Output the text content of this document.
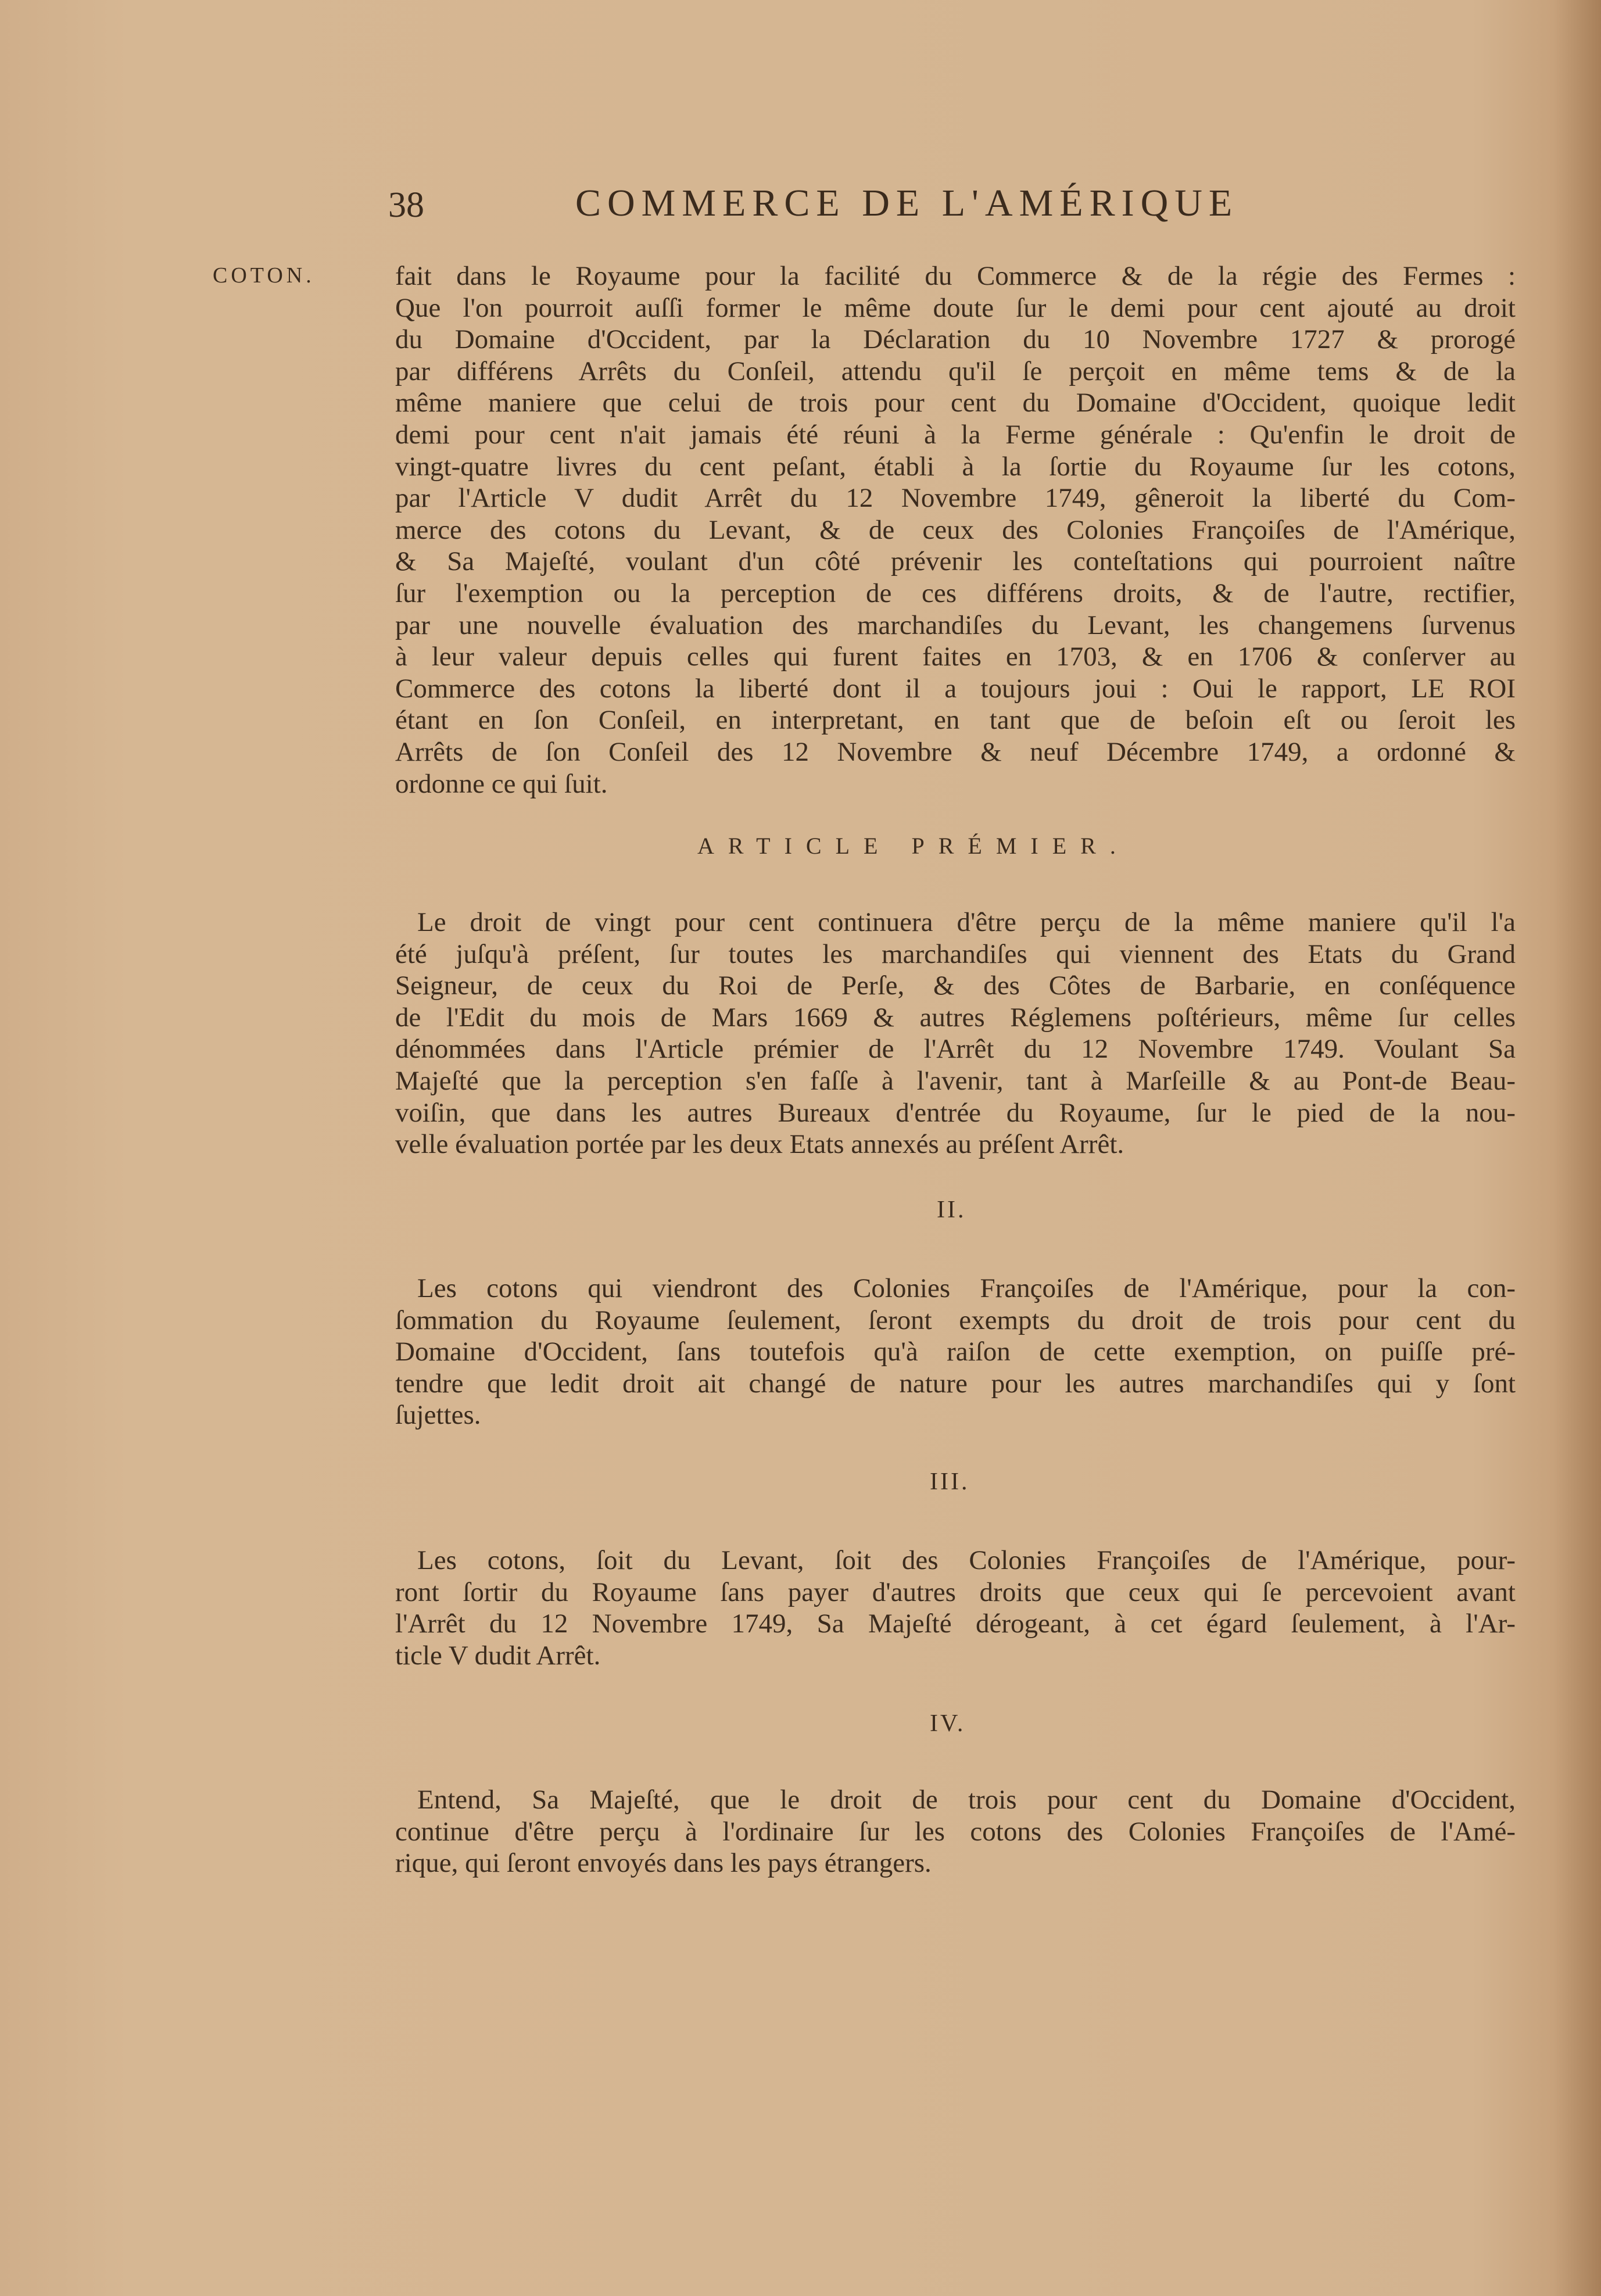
38	COMMERCE DE L'AMÉRIQUE
COTON.	fait dans le Royaume pour la facilité du Commerce & de la régie des Fermes :
Que l'on pourroit auſſi former le même doute ſur le demi pour cent ajouté au droit
du Domaine d'Occident, par la Déclaration du 10 Novembre 1727 & prorogé
par différens Arrêts du Conſeil, attendu qu'il ſe perçoit en même tems & de la
même maniere que celui de trois pour cent du Domaine d'Occident, quoique ledit
demi pour cent n'ait jamais été réuni à la Ferme générale : Qu'enfin le droit de
vingt-quatre livres du cent peſant, établi à la ſortie du Royaume ſur les cotons,
par l'Article V dudit Arrêt du 12 Novembre 1749, gêneroit la liberté du Com-
merce des cotons du Levant, & de ceux des Colonies Françoiſes de l'Amérique,
& Sa Majeſté, voulant d'un côté prévenir les conteſtations qui pourroient naître
ſur l'exemption ou la perception de ces différens droits, & de l'autre, rectifier,
par une nouvelle évaluation des marchandiſes du Levant, les changemens ſurvenus
à leur valeur depuis celles qui furent faites en 1703, & en 1706 & conſerver au
Commerce des cotons la liberté dont il a toujours joui : Oui le rapport, LE ROI
étant en ſon Conſeil, en interpretant, en tant que de beſoin eſt ou ſeroit les
Arrêts de ſon Conſeil des 12 Novembre & neuf Décembre 1749, a ordonné &
ordonne ce qui ſuit.
ARTICLE PRÉMIER.
Le droit de vingt pour cent continuera d'être perçu de la même maniere qu'il l'a
été juſqu'à préſent, ſur toutes les marchandiſes qui viennent des Etats du Grand
Seigneur, de ceux du Roi de Perſe, & des Côtes de Barbarie, en conſéquence
de l'Edit du mois de Mars 1669 & autres Réglemens poſtérieurs, même ſur celles
dénommées dans l'Article prémier de l'Arrêt du 12 Novembre 1749. Voulant Sa
Majeſté que la perception s'en faſſe à l'avenir, tant à Marſeille & au Pont-de Beau-
voiſin, que dans les autres Bureaux d'entrée du Royaume, ſur le pied de la nou-
velle évaluation portée par les deux Etats annexés au préſent Arrêt.
II.
Les cotons qui viendront des Colonies Françoiſes de l'Amérique, pour la con-
ſommation du Royaume ſeulement, ſeront exempts du droit de trois pour cent du
Domaine d'Occident, ſans toutefois qu'à raiſon de cette exemption, on puiſſe pré-
tendre que ledit droit ait changé de nature pour les autres marchandiſes qui y ſont
ſujettes.
III.
Les cotons, ſoit du Levant, ſoit des Colonies Françoiſes de l'Amérique, pour-
ront ſortir du Royaume ſans payer d'autres droits que ceux qui ſe percevoient avant
l'Arrêt du 12 Novembre 1749, Sa Majeſté dérogeant, à cet égard ſeulement, à l'Ar-
ticle V dudit Arrêt.
IV.
Entend, Sa Majeſté, que le droit de trois pour cent du Domaine d'Occident,
continue d'être perçu à l'ordinaire ſur les cotons des Colonies Françoiſes de l'Amé-
rique, qui ſeront envoyés dans les pays étrangers.
